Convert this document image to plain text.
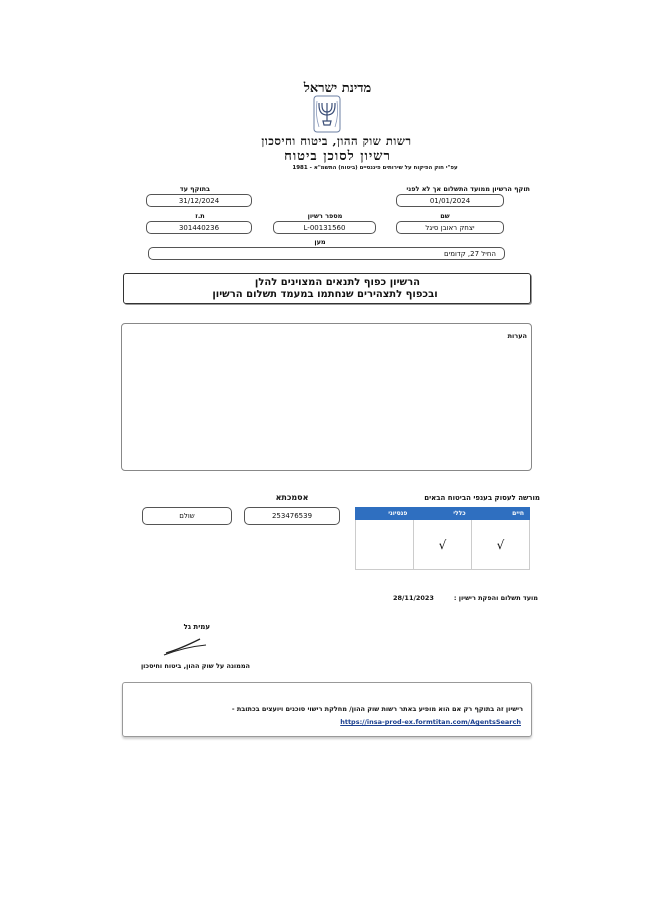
מדינת ישראל
רשות שוק ההון, ביטוח וחיסכון
רשיון לסוכן ביטוח
עפ"י חוק הפיקוח על שירותים פיננסיים (ביטוח) התשמ"א - 1981
תוקף הרשיון ממועד התשלום אך לא לפני
בתוקף עד
01/01/2024
31/12/2024
שם
מספר רשיון
ת.ז
יצחק ראובן סיגל
L-00131560
301440236
מען
החיל 27, קדומים
הרשיון כפוף לתנאים המצוינים להלן
ובכפוף לתצהירים שנחתמו במעמד תשלום הרשיון
הערות
אסמכתא
253476539
שולם
מורשה לעסוק בענפי הביטוח הבאים
פנסיוני	כללי	חיים
√
√
מועד תשלום והפקת רישיון :
28/11/2023
עמית גל
הממונה על שוק ההון, ביטוח וחיסכון
רישיון זה בתוקף רק אם הוא מופיע באתר רשות שוק ההון/ מחלקת רישוי סוכנים ויועצים בכתובת -
https://insa-prod-ex.formtitan.com/AgentsSearch
